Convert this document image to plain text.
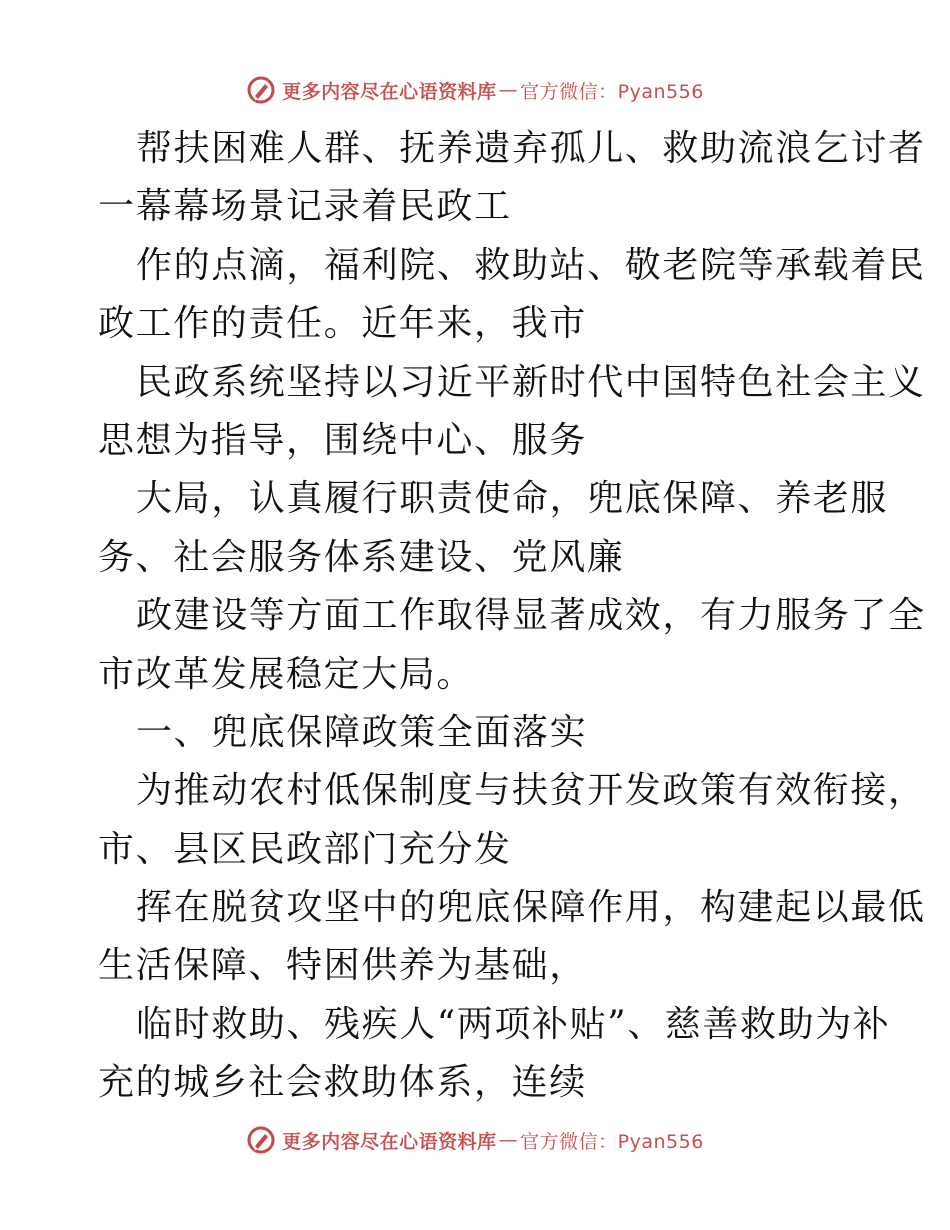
更多内容尽在心语资料库 — 官方微信：Pyan556
帮扶困难人群、抚养遗弃孤儿、救助流浪乞讨者
一幕幕场景记录着民政工
作的点滴，福利院、救助站、敬老院等承载着民
政工作的责任。近年来，我市
民政系统坚持以习近平新时代中国特色社会主义
思想为指导，围绕中心、服务
大局，认真履行职责使命，兜底保障、养老服
务、社会服务体系建设、党风廉
政建设等方面工作取得显著成效，有力服务了全
市改革发展稳定大局。
一、兜底保障政策全面落实
为推动农村低保制度与扶贫开发政策有效衔接，
市、县区民政部门充分发
挥在脱贫攻坚中的兜底保障作用，构建起以最低
生活保障、特困供养为基础，
临时救助、残疾人“两项补贴”、慈善救助为补
充的城乡社会救助体系，连续
更多内容尽在心语资料库 — 官方微信：Pyan556
